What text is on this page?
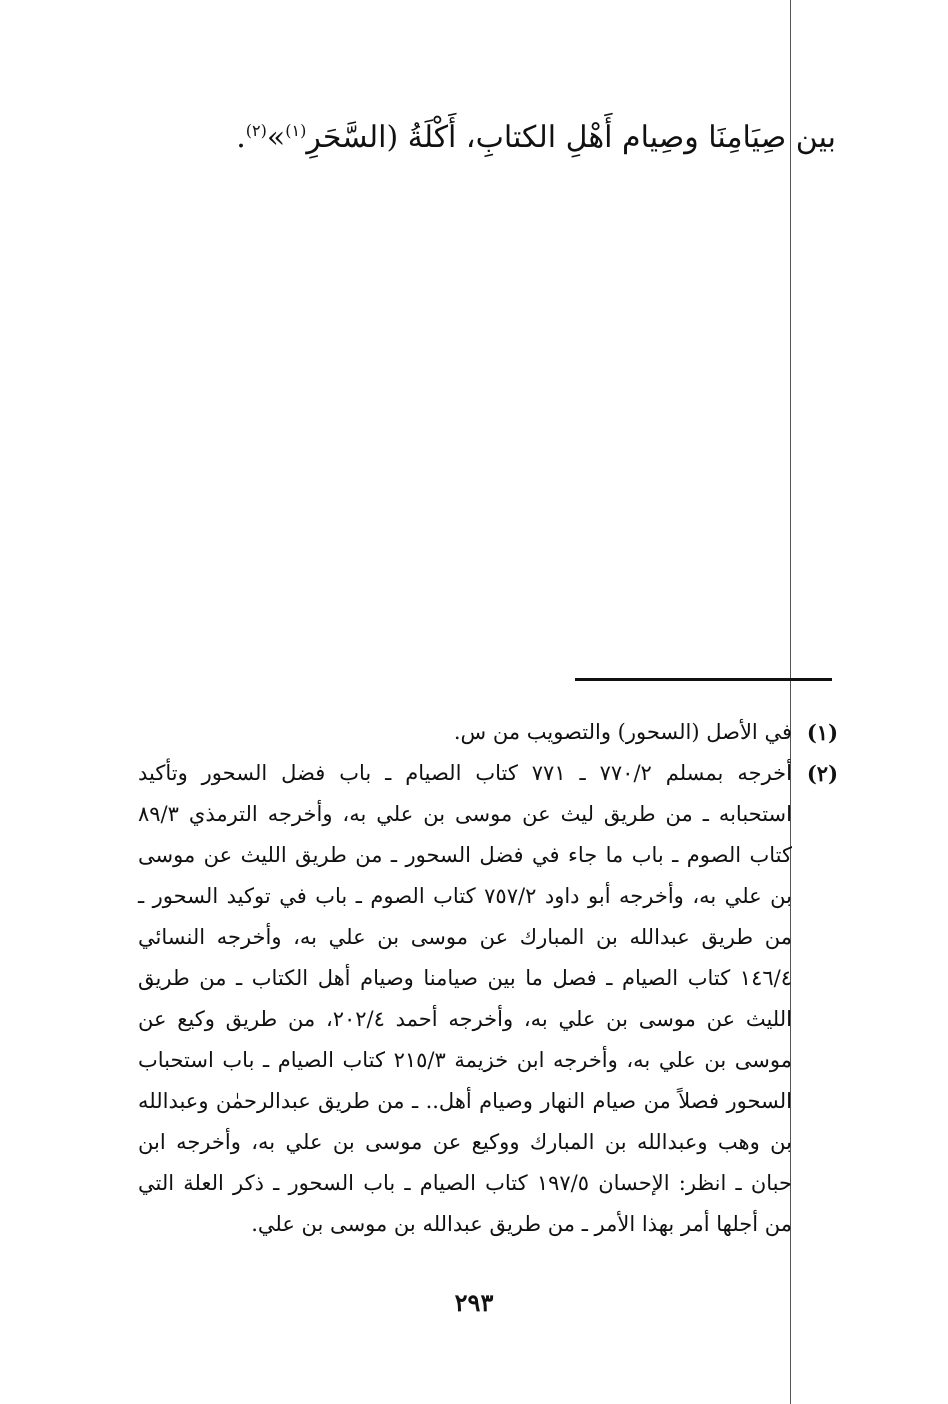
بين صِيَامِنَا وصِيام أَهْلِ الكتابِ، أَكْلَةُ (السَّحَرِ$^{(١)}$»$^{(٢)}$.
(١)
في الأصل (السحور) والتصويب من س.
(٢)
أخرجه بمسلم ٧٧٠/٢ ـ ٧٧١ كتاب الصيام ـ باب فضل السحور وتأكيد استحبابه ـ من طريق ليث عن موسى بن علي به، وأخرجه الترمذي ٨٩/٣ كتاب الصوم ـ باب ما جاء في فضل السحور ـ من طريق الليث عن موسى بن علي به، وأخرجه أبو داود ٧٥٧/٢ كتاب الصوم ـ باب في توكيد السحور ـ من طريق عبدالله بن المبارك عن موسى بن علي به، وأخرجه النسائي ١٤٦/٤ كتاب الصيام ـ فصل ما بين صيامنا وصيام أهل الكتاب ـ من طريق الليث عن موسى بن علي به، وأخرجه أحمد ٢٠٢/٤، من طريق وكيع عن موسى بن علي به، وأخرجه ابن خزيمة ٢١٥/٣ كتاب الصيام ـ باب استحباب السحور فصلاً من صيام النهار وصيام أهل.. ـ من طريق عبدالرحمٰن وعبدالله بن وهب وعبدالله بن المبارك ووكيع عن موسى بن علي به، وأخرجه ابن حبان ـ انظر: الإحسان ١٩٧/٥ كتاب الصيام ـ باب السحور ـ ذكر العلة التي من أجلها أمر بهذا الأمر ـ من طريق عبدالله بن موسى بن علي.
٢٩٣
